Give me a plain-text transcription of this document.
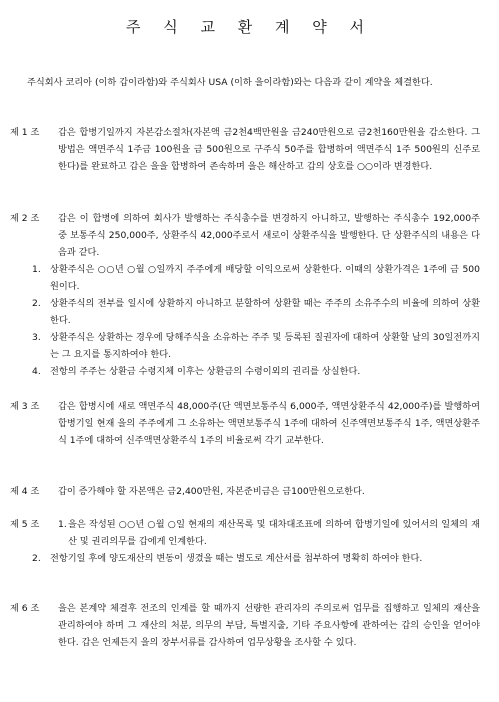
주 식 교 환 계 약 서
주식회사 코리아 (이하 갑이라함)와 주식회사 USA (이하 을이라함)와는 다음과 같이 계약을 체결한다.
제 1 조	갑은 합병기일까지 자본감소절차(자본액 금2천4백만원을 금240만원으로 금2천160만원을 감소한다. 그 방법은 액면주식 1주금 100원을 금 500원으로 구주식 50주를 합병하여 액면주식 1주 500원의 신주로 한다)를 완료하고 갑은 을을 합병하여 존속하며 을은 해산하고 갑의 상호를 ○○이라 변경한다.
제 2 조	갑은 이 합병에 의하여 회사가 발행하는 주식총수를 변경하지 아니하고, 발행하는 주식총수 192,000주 중 보통주식 250,000주, 상환주식 42,000주로서 새로이 상환주식을 발행한다. 단 상환주식의 내용은 다음과 같다.
1. 상환주식은 ○○년 ○월 ○일까지 주주에게 배당할 이익으로써 상환한다. 이때의 상환가격은 1주에 금 500원이다.
2. 상환주식의 전부를 일시에 상환하지 아니하고 분할하여 상환할 때는 주주의 소유주수의 비율에 의하여 상환한다.
3. 상환주식은 상환하는 경우에 당해주식을 소유하는 주주 및 등록된 질권자에 대하여 상환할 날의 30일전까지는 그 요지를 통지하여야 한다.
4. 전항의 주주는 상환금 수령지체 이후는 상환금의 수령이외의 권리를 상실한다.
제 3 조	갑은 합병시에 새로 액면주식 48,000주(단 액면보통주식 6,000주, 액면상환주식 42,000주)를 발행하여 합병기일 현재 을의 주주에게 그 소유하는 액면보통주식 1주에 대하여 신주액면보통주식 1주, 액면상환주식 1주에 대하여 신주액면상환주식 1주의 비율로써 각기 교부한다.
제 4 조	갑이 증가해야 할 자본액은 금2,400만원, 자본준비금은 금100만원으로한다.
제 5 조	1. 을은 작성된 ○○년 ○월 ○일 현재의 재산목록 및 대차대조표에 의하여 합병기일에 있어서의 일체의 재산 및 권리의무를 갑에게 인계한다.
2. 전항기일 후에 양도재산의 변동이 생겼을 때는 별도로 계산서를 첨부하여 명확히 하여야 한다.
제 6 조	을은 본계약 체결후 전조의 인계를 할 때까지 선량한 관리자의 주의로써 업무를 집행하고 일체의 재산을 관리하여야 하며 그 재산의 처분, 의무의 부담, 특별지출, 기타 주요사항에 관하여는 갑의 승인을 얻어야 한다. 갑은 언제든지 을의 장부서류를 감사하여 업무상황을 조사할 수 있다.
